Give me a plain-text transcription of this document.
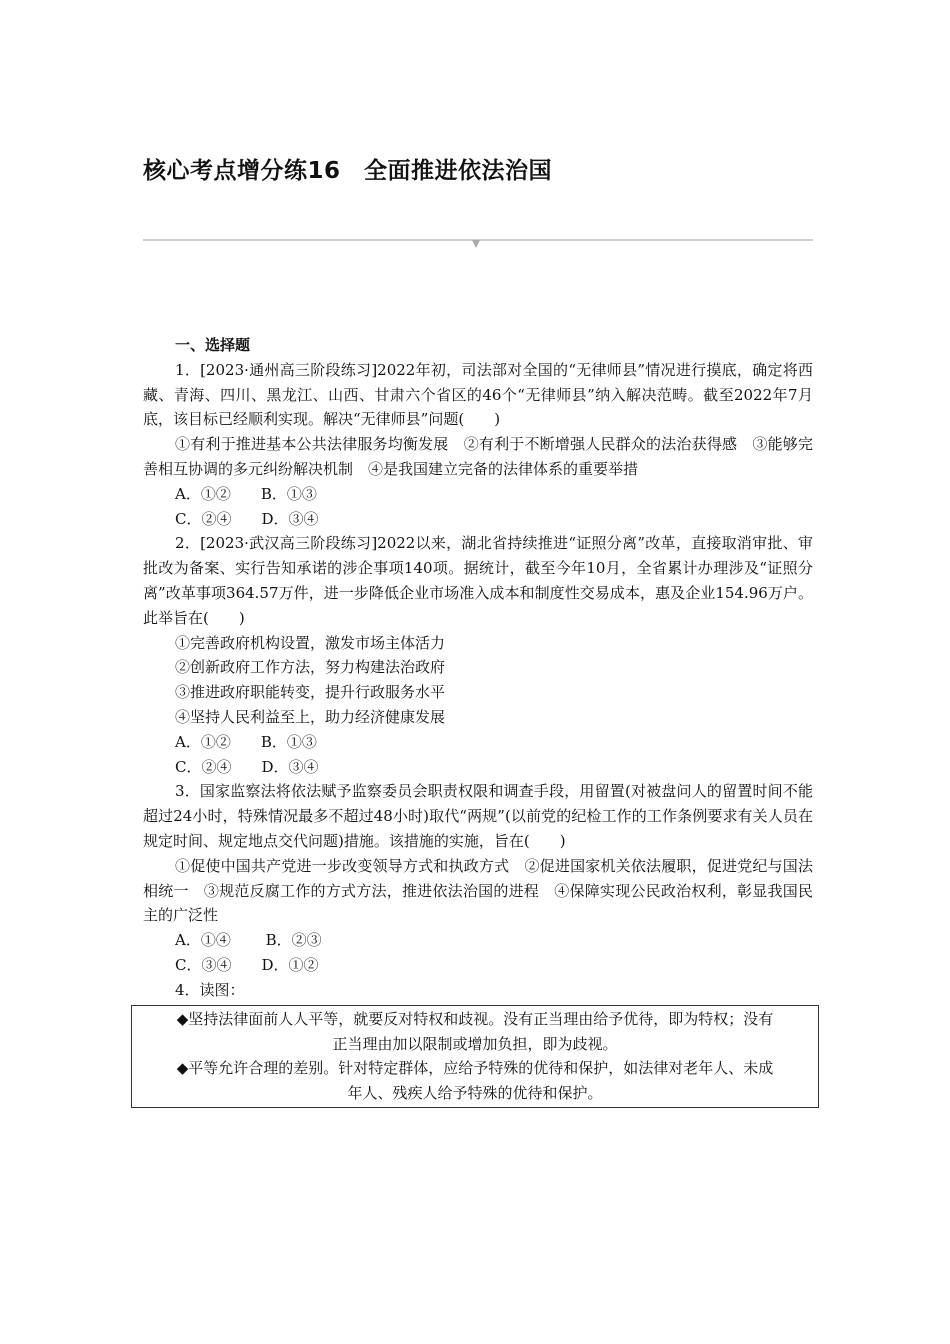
核心考点增分练16　全面推进依法治国
一、选择题

1．[2023·通州高三阶段练习]2022年初，司法部对全国的“无律师县”情况进行摸底，确定将西藏、青海、四川、黑龙江、山西、甘肃六个省区的46个“无律师县”纳入解决范畴。截至2022年7月底，该目标已经顺利实现。解决“无律师县”问题(　　)

①有利于推进基本公共法律服务均衡发展　②有利于不断增强人民群众的法治获得感　③能够完善相互协调的多元纠纷解决机制　④是我国建立完备的法律体系的重要举措

A．①②　　B．①③

C．②④　　D．③④

2．[2023·武汉高三阶段练习]2022以来，湖北省持续推进“证照分离”改革，直接取消审批、审批改为备案、实行告知承诺的涉企事项140项。据统计，截至今年10月，全省累计办理涉及“证照分离”改革事项364.57万件，进一步降低企业市场准入成本和制度性交易成本，惠及企业154.96万户。此举旨在(　　)

①完善政府机构设置，激发市场主体活力

②创新政府工作方法，努力构建法治政府

③推进政府职能转变，提升行政服务水平

④坚持人民利益至上，助力经济健康发展

A．①②　　B．①③

C．②④　　D．③④

3．国家监察法将依法赋予监察委员会职责权限和调查手段，用留置(对被盘问人的留置时间不能超过24小时，特殊情况最多不超过48小时)取代“两规”(以前党的纪检工作的工作条例要求有关人员在规定时间、规定地点交代问题)措施。该措施的实施，旨在(　　)

①促使中国共产党进一步改变领导方式和执政方式　②促进国家机关依法履职，促进党纪与国法相统一　③规范反腐工作的方式方法，推进依法治国的进程　④保障实现公民政治权利，彰显我国民主的广泛性

A．①④　　 B．②③

C．③④　　D．①②

4．读图：

◆坚持法律面前人人平等，就要反对特权和歧视。没有正当理由给予优待，即为特权；没有

正当理由加以限制或增加负担，即为歧视。

◆平等允许合理的差别。针对特定群体，应给予特殊的优待和保护，如法律对老年人、未成

年人、残疾人给予特殊的优待和保护。
